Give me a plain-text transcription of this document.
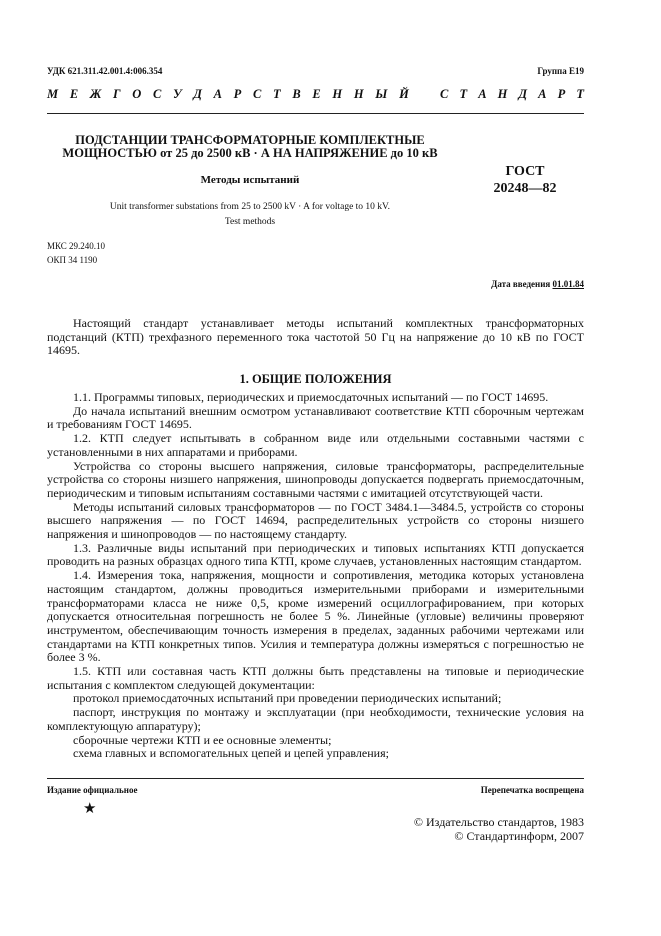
УДК 621.311.42.001.4:006.354	Группа Е19
М Е Ж Г О С У Д А Р С Т В Е Н Н Ы Й С Т А Н Д А Р Т
ПОДСТАНЦИИ ТРАНСФОРМАТОРНЫЕ КОМПЛЕКТНЫЕ
МОЩНОСТЬЮ от 25 до 2500 кВ · А НА НАПРЯЖЕНИЕ до 10 кВ
Методы испытаний
Unit transformer substations from 25 to 2500 kV · A for voltage to 10 kV.
Test methods
ГОСТ
20248—82
МКС 29.240.10
ОКП 34 1190
Дата введения 01.01.84

Настоящий стандарт устанавливает методы испытаний комплектных трансформаторных подстанций (КТП) трехфазного переменного тока частотой 50 Гц на напряжение до 10 кВ по ГОСТ 14695.

1. ОБЩИЕ ПОЛОЖЕНИЯ

1.1. Программы типовых, периодических и приемосдаточных испытаний — по ГОСТ 14695.

До начала испытаний внешним осмотром устанавливают соответствие КТП сборочным чертежам и требованиям ГОСТ 14695.

1.2. КТП следует испытывать в собранном виде или отдельными составными частями с установленными в них аппаратами и приборами.

Устройства со стороны высшего напряжения, силовые трансформаторы, распределительные устройства со стороны низшего напряжения, шинопроводы допускается подвергать приемосдаточным, периодическим и типовым испытаниям составными частями с имитацией отсутствующей части.

Методы испытаний силовых трансформаторов — по ГОСТ 3484.1—3484.5, устройств со стороны высшего напряжения — по ГОСТ 14694, распределительных устройств со стороны низшего напряжения и шинопроводов — по настоящему стандарту.

1.3. Различные виды испытаний при периодических и типовых испытаниях КТП допускается проводить на разных образцах одного типа КТП, кроме случаев, установленных настоящим стандартом.

1.4. Измерения тока, напряжения, мощности и сопротивления, методика которых установлена настоящим стандартом, должны проводиться измерительными приборами и измерительными трансформаторами класса не ниже 0,5, кроме измерений осциллографированием, при которых допускается относительная погрешность не более 5 %. Линейные (угловые) величины проверяют инструментом, обеспечивающим точность измерения в пределах, заданных рабочими чертежами или стандартами на КТП конкретных типов. Усилия и температура должны измеряться с погрешностью не более 3 %.

1.5. КТП или составная часть КТП должны быть представлены на типовые и периодические испытания с комплектом следующей документации:

протокол приемосдаточных испытаний при проведении периодических испытаний;

паспорт, инструкция по монтажу и эксплуатации (при необходимости, технические условия на комплектующую аппаратуру);

сборочные чертежи КТП и ее основные элементы;

схема главных и вспомогательных цепей и цепей управления;

Издание официальное	Перепечатка воспрещена
★
© Издательство стандартов, 1983
© Стандартинформ, 2007
